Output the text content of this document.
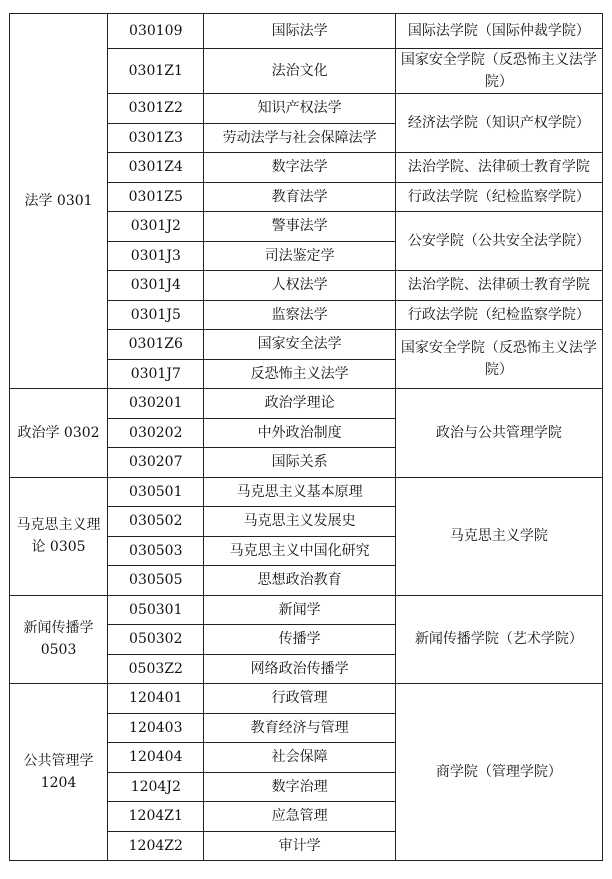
法学 0301	030109	国际法学	国际法学院（国际仲裁学院）
	0301Z1	法治文化	国家安全学院（反恐怖主义法学院）
	0301Z2	知识产权法学	经济法学院（知识产权学院）
	0301Z3	劳动法学与社会保障法学	
	0301Z4	数字法学	法治学院、法律硕士教育学院
	0301Z5	教育法学	行政法学院（纪检监察学院）
	0301J2	警事法学	公安学院（公共安全法学院）
	0301J3	司法鉴定学	
	0301J4	人权法学	法治学院、法律硕士教育学院
	0301J5	监察法学	行政法学院（纪检监察学院）
	0301Z6	国家安全法学	国家安全学院（反恐怖主义法学院）
	0301J7	反恐怖主义法学	
政治学 0302	030201	政治学理论	政治与公共管理学院
	030202	中外政治制度	
	030207	国际关系	
马克思主义理论 0305	030501	马克思主义基本原理	马克思主义学院
	030502	马克思主义发展史	
	030503	马克思主义中国化研究	
	030505	思想政治教育	
新闻传播学 0503	050301	新闻学	新闻传播学院（艺术学院）
	050302	传播学	
	0503Z2	网络政治传播学	
公共管理学 1204	120401	行政管理	商学院（管理学院）
	120403	教育经济与管理	
	120404	社会保障	
	1204J2	数字治理	
	1204Z1	应急管理	
	1204Z2	审计学	
